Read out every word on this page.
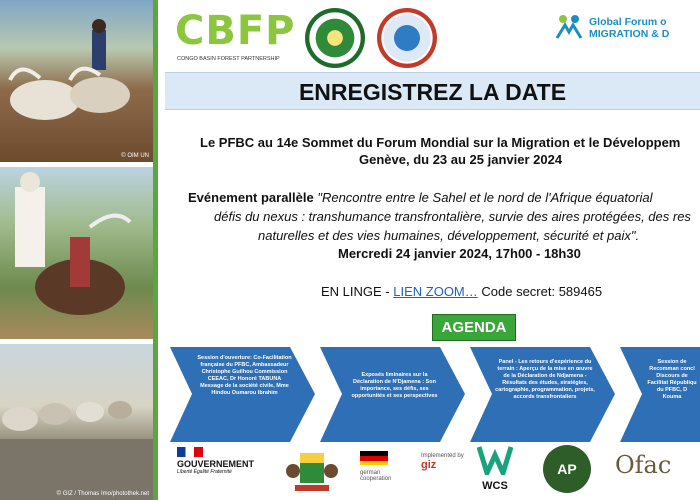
© OIM UN
© GIZ / Thomas Imo/photothek.net
CBFP
CONGO BASIN FOREST PARTNERSHIP
Global Forum o
MIGRATION & D
ENREGISTREZ LA DATE
Le PFBC au 14e Sommet du Forum Mondial sur la Migration et le Développem
Genève, du 23 au 25 janvier 2024
Evénement parallèle "Rencontre entre le Sahel et le nord de l'Afrique équatorial
défis du nexus : transhumance transfrontalière, survie des aires protégées, des res
naturelles et des vies humaines, développement, sécurité et paix".
Mercredi 24 janvier 2024, 17h00 - 18h30
EN LINGE - LIEN ZOOM… Code secret: 589465
AGENDA
Session d'ouverture: Co-Facilitation française du PFBC, Ambassadeur Christophe Guilhou Commission CEEAC, Dr Honoré TABUNA Message de la société civile, Mme Hindou Oumarou Ibrahim
Exposés liminaires sur la Déclaration de N'Djamena : Son importance, ses défis, ses opportunités et ses perspectives
Panel - Les retours d'expérience du terrain : Aperçu de la mise en œuvre de la Déclaration de Ndjamena - Résultats des études, stratégies, cartographie, programmation, projets, accords transfrontaliers
Session de Recomman concl Discours de Facilitat Républiqu du PFBC, D Kouma
GOUVERNEMENT
Liberté Égalité Fraternité	german
cooperation
Implemented by
giz
WCS
AP	Ofac
